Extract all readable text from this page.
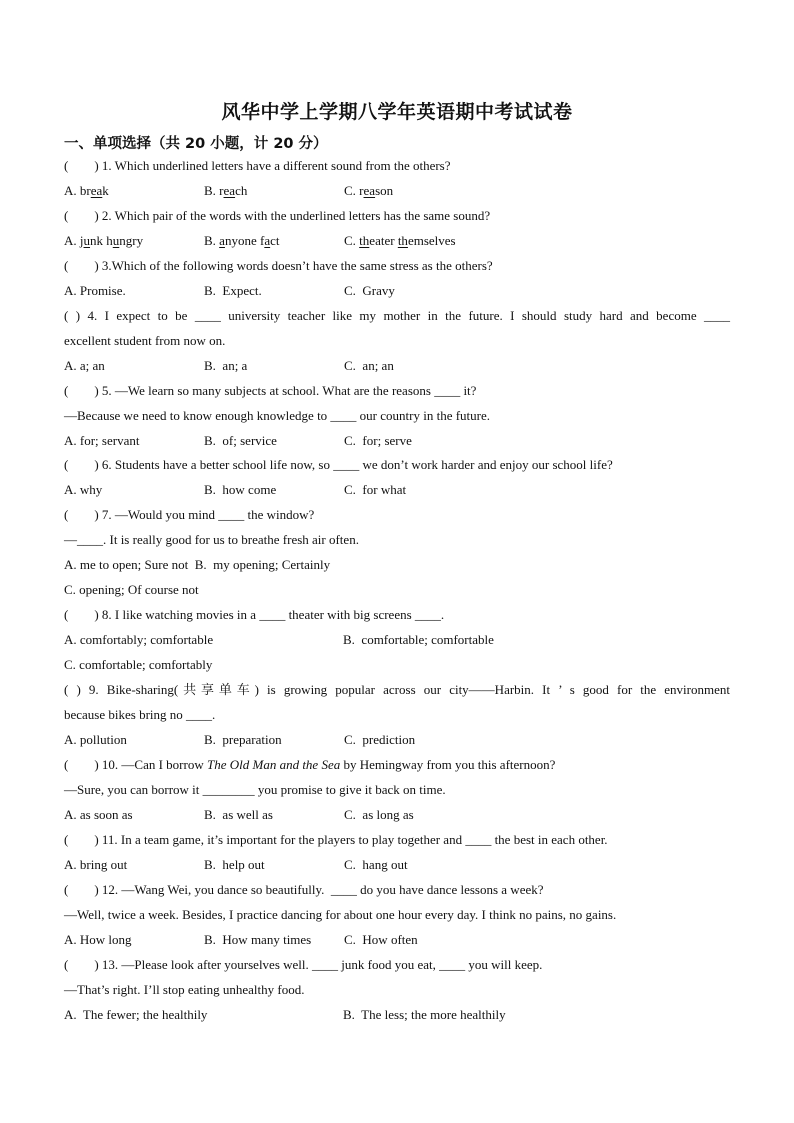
风华中学上学期八学年英语期中考试试卷
一、单项选择（共 20 小题，计 20 分）
(        ) 1. Which underlined letters have a different sound from the others?
A. break	B. reach	C. reason
(        ) 2. Which pair of the words with the underlined letters has the same sound?
A. junk hungry	B. anyone fact	C. theater themselves
(        ) 3.Which of the following words doesn’t have the same stress as the others?
A. Promise.	B.  Expect.	C.  Gravy
( ) 4. I expect to be ____ university teacher like my mother in the future. I should study hard and become ____
excellent student from now on.
A. a; an	B.  an; a	C.  an; an
(        ) 5. —We learn so many subjects at school. What are the reasons ____ it?
—Because we need to know enough knowledge to ____ our country in the future.
A. for; servant	B.  of; service	C.  for; serve
(        ) 6. Students have a better school life now, so ____ we don’t work harder and enjoy our school life?
A. why	B.  how come	C.  for what
(        ) 7. —Would you mind ____ the window?
—____. It is really good for us to breathe fresh air often.
A. me to open; Sure not  B.  my opening; Certainly
C. opening; Of course not
(        ) 8. I like watching movies in a ____ theater with big screens ____.
A. comfortably; comfortable	B.  comfortable; comfortable
C. comfortable; comfortably
( ) 9. Bike-sharing(共享单车) is growing popular across our city——Harbin. It ’ s good for the environment
because bikes bring no ____.
A. pollution	B.  preparation	C.  prediction
(        ) 10. —Can I borrow The Old Man and the Sea by Hemingway from you this afternoon?
—Sure, you can borrow it ________ you promise to give it back on time.
A. as soon as	B.  as well as	C.  as long as
(        ) 11. In a team game, it’s important for the players to play together and ____ the best in each other.
A. bring out	B.  help out	C.  hang out
(        ) 12. —Wang Wei, you dance so beautifully.  ____ do you have dance lessons a week?
—Well, twice a week. Besides, I practice dancing for about one hour every day. I think no pains, no gains.
A. How long	B.  How many times	C.  How often
(        ) 13. —Please look after yourselves well. ____ junk food you eat, ____ you will keep.
—That’s right. I’ll stop eating unhealthy food.
A.  The fewer; the healthily	B.  The less; the more healthily
